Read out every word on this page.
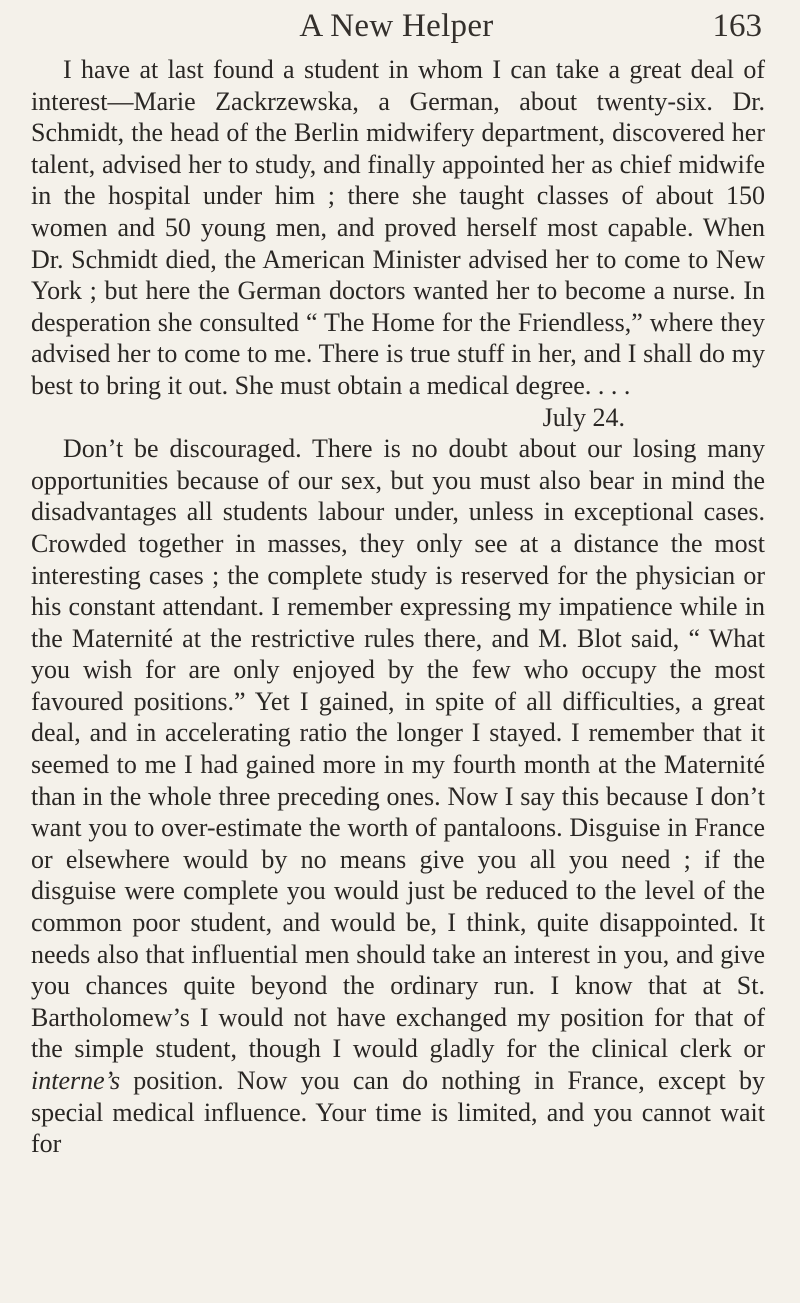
A New Helper	163

I have at last found a student in whom I can take a great deal of interest—Marie Zackrzewska, a German, about twenty-six. Dr. Schmidt, the head of the Berlin midwifery department, discovered her talent, advised her to study, and finally appointed her as chief midwife in the hospital under him ; there she taught classes of about 150 women and 50 young men, and proved herself most capable. When Dr. Schmidt died, the American Minister advised her to come to New York ; but here the German doctors wanted her to become a nurse. In desperation she consulted “ The Home for the Friendless,” where they advised her to come to me. There is true stuff in her, and I shall do my best to bring it out. She must obtain a medical degree. . . .

July 24.

Don’t be discouraged. There is no doubt about our losing many opportunities because of our sex, but you must also bear in mind the disadvantages all students labour under, unless in exceptional cases. Crowded together in masses, they only see at a distance the most interesting cases ; the complete study is reserved for the physician or his constant attendant. I remember expressing my impatience while in the Maternité at the restrictive rules there, and M. Blot said, “ What you wish for are only enjoyed by the few who occupy the most favoured positions.” Yet I gained, in spite of all difficulties, a great deal, and in accelerating ratio the longer I stayed. I remember that it seemed to me I had gained more in my fourth month at the Maternité than in the whole three preceding ones. Now I say this because I don’t want you to over-estimate the worth of pantaloons. Disguise in France or elsewhere would by no means give you all you need ; if the disguise were complete you would just be reduced to the level of the common poor student, and would be, I think, quite disappointed. It needs also that influential men should take an interest in you, and give you chances quite beyond the ordinary run. I know that at St. Bartholomew’s I would not have exchanged my position for that of the simple student, though I would gladly for the clinical clerk or interne’s position. Now you can do nothing in France, except by special medical influence. Your time is limited, and you cannot wait for
